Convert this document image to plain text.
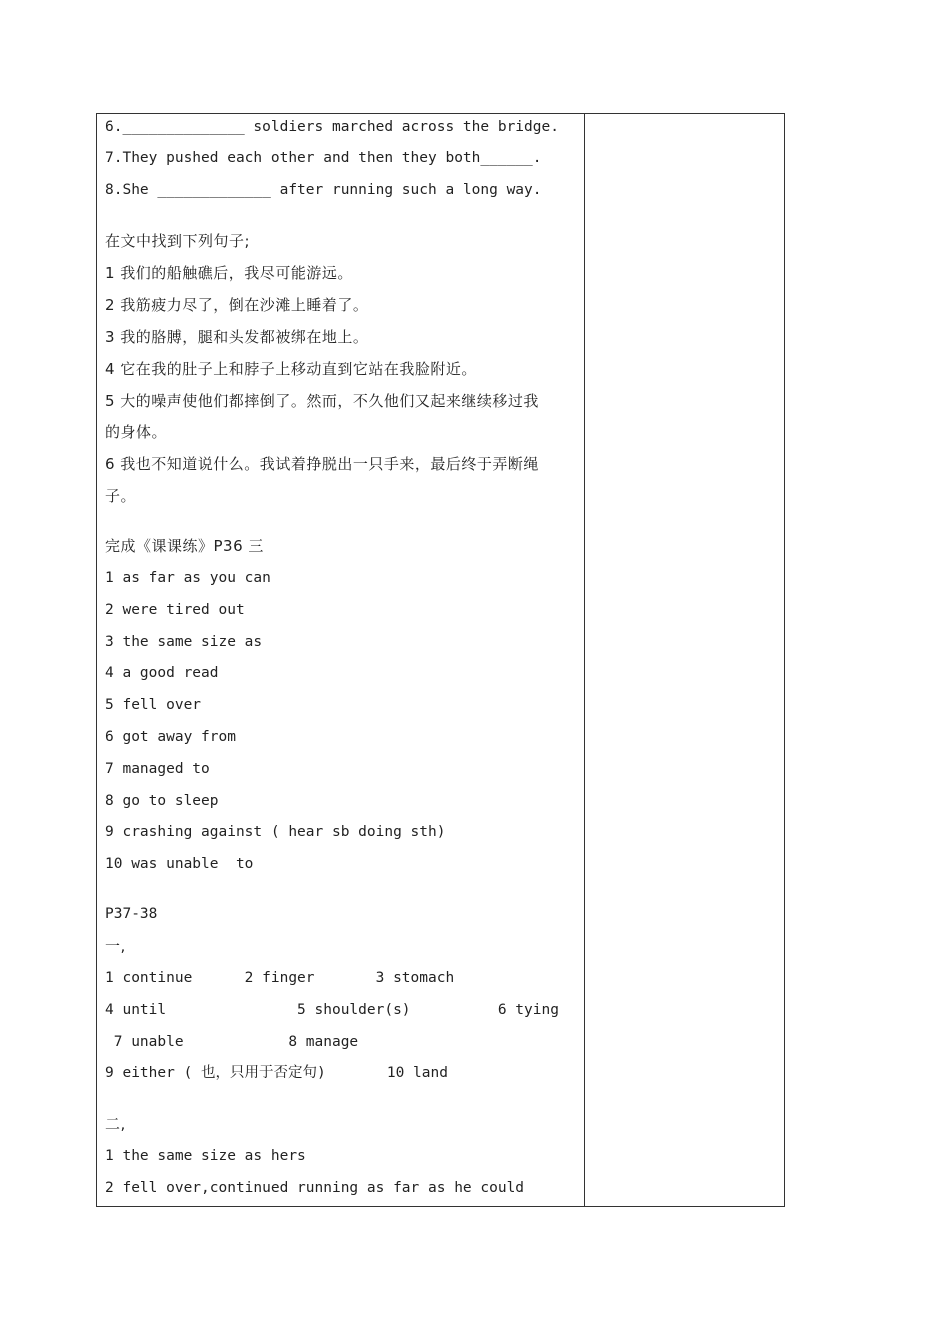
6.______________ soldiers marched across the bridge.
7.They pushed each other and then they both______.
8.She _____________ after running such a long way.
在文中找到下列句子;
1 我们的船触礁后，我尽可能游远。
2 我筋疲力尽了，倒在沙滩上睡着了。
3 我的胳膊，腿和头发都被绑在地上。
4 它在我的肚子上和脖子上移动直到它站在我脸附近。
5 大的噪声使他们都摔倒了。然而，不久他们又起来继续移过我
的身体。
6 我也不知道说什么。我试着挣脱出一只手来，最后终于弄断绳
子。
完成《课课练》P36 三
1 as far as you can
2 were tired out
3 the same size as
4 a good read
5 fell over
6 got away from
7 managed to
8 go to sleep
9 crashing against ( hear sb doing sth)
10 was unable  to
P37-38
一,
1 continue      2 finger       3 stomach
4 until               5 shoulder(s)          6 tying
7 unable            8 manage
9 either ( 也，只用于否定句)       10 land
二,
1 the same size as hers
2 fell over,continued running as far as he could
